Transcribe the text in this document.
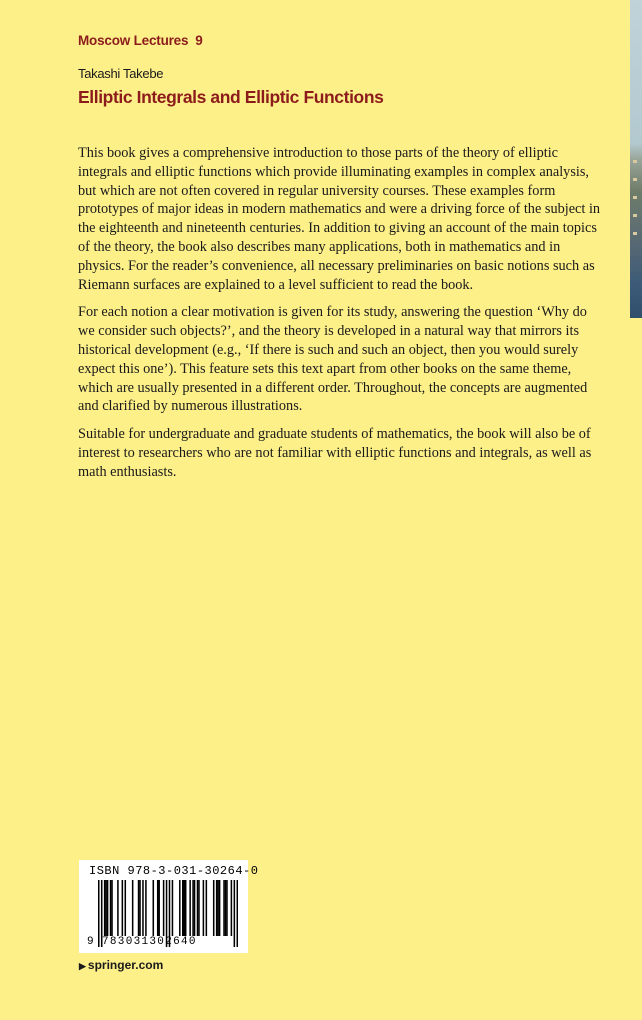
Moscow Lectures 9
Takashi Takebe
Elliptic Integrals and Elliptic Functions

This book gives a comprehensive introduction to those parts of the theory of elliptic integrals and elliptic functions which provide illuminating examples in complex analysis, but which are not often covered in regular university courses. These examples form prototypes of major ideas in modern mathematics and were a driving force of the subject in the eighteenth and nineteenth centuries. In addition to giving an account of the main topics of the theory, the book also describes many applications, both in mathematics and in physics. For the reader’s convenience, all necessary preliminaries on basic notions such as Riemann surfaces are explained to a level sufficient to read the book.

For each notion a clear motivation is given for its study, answering the question ‘Why do we consider such objects?’, and the theory is developed in a natural way that mirrors its historical development (e.g., ‘If there is such and such an object, then you would surely expect this one’). This feature sets this text apart from other books on the same theme, which are usually presented in a different order. Throughout, the concepts are augmented and clarified by numerous illustrations.

Suitable for undergraduate and graduate students of mathematics, the book will also be of interest to researchers who are not familiar with elliptic functions and integrals, as well as math enthusiasts.

ISBN 978-3-031-30264-0
9 783031302640
▶ springer.com
